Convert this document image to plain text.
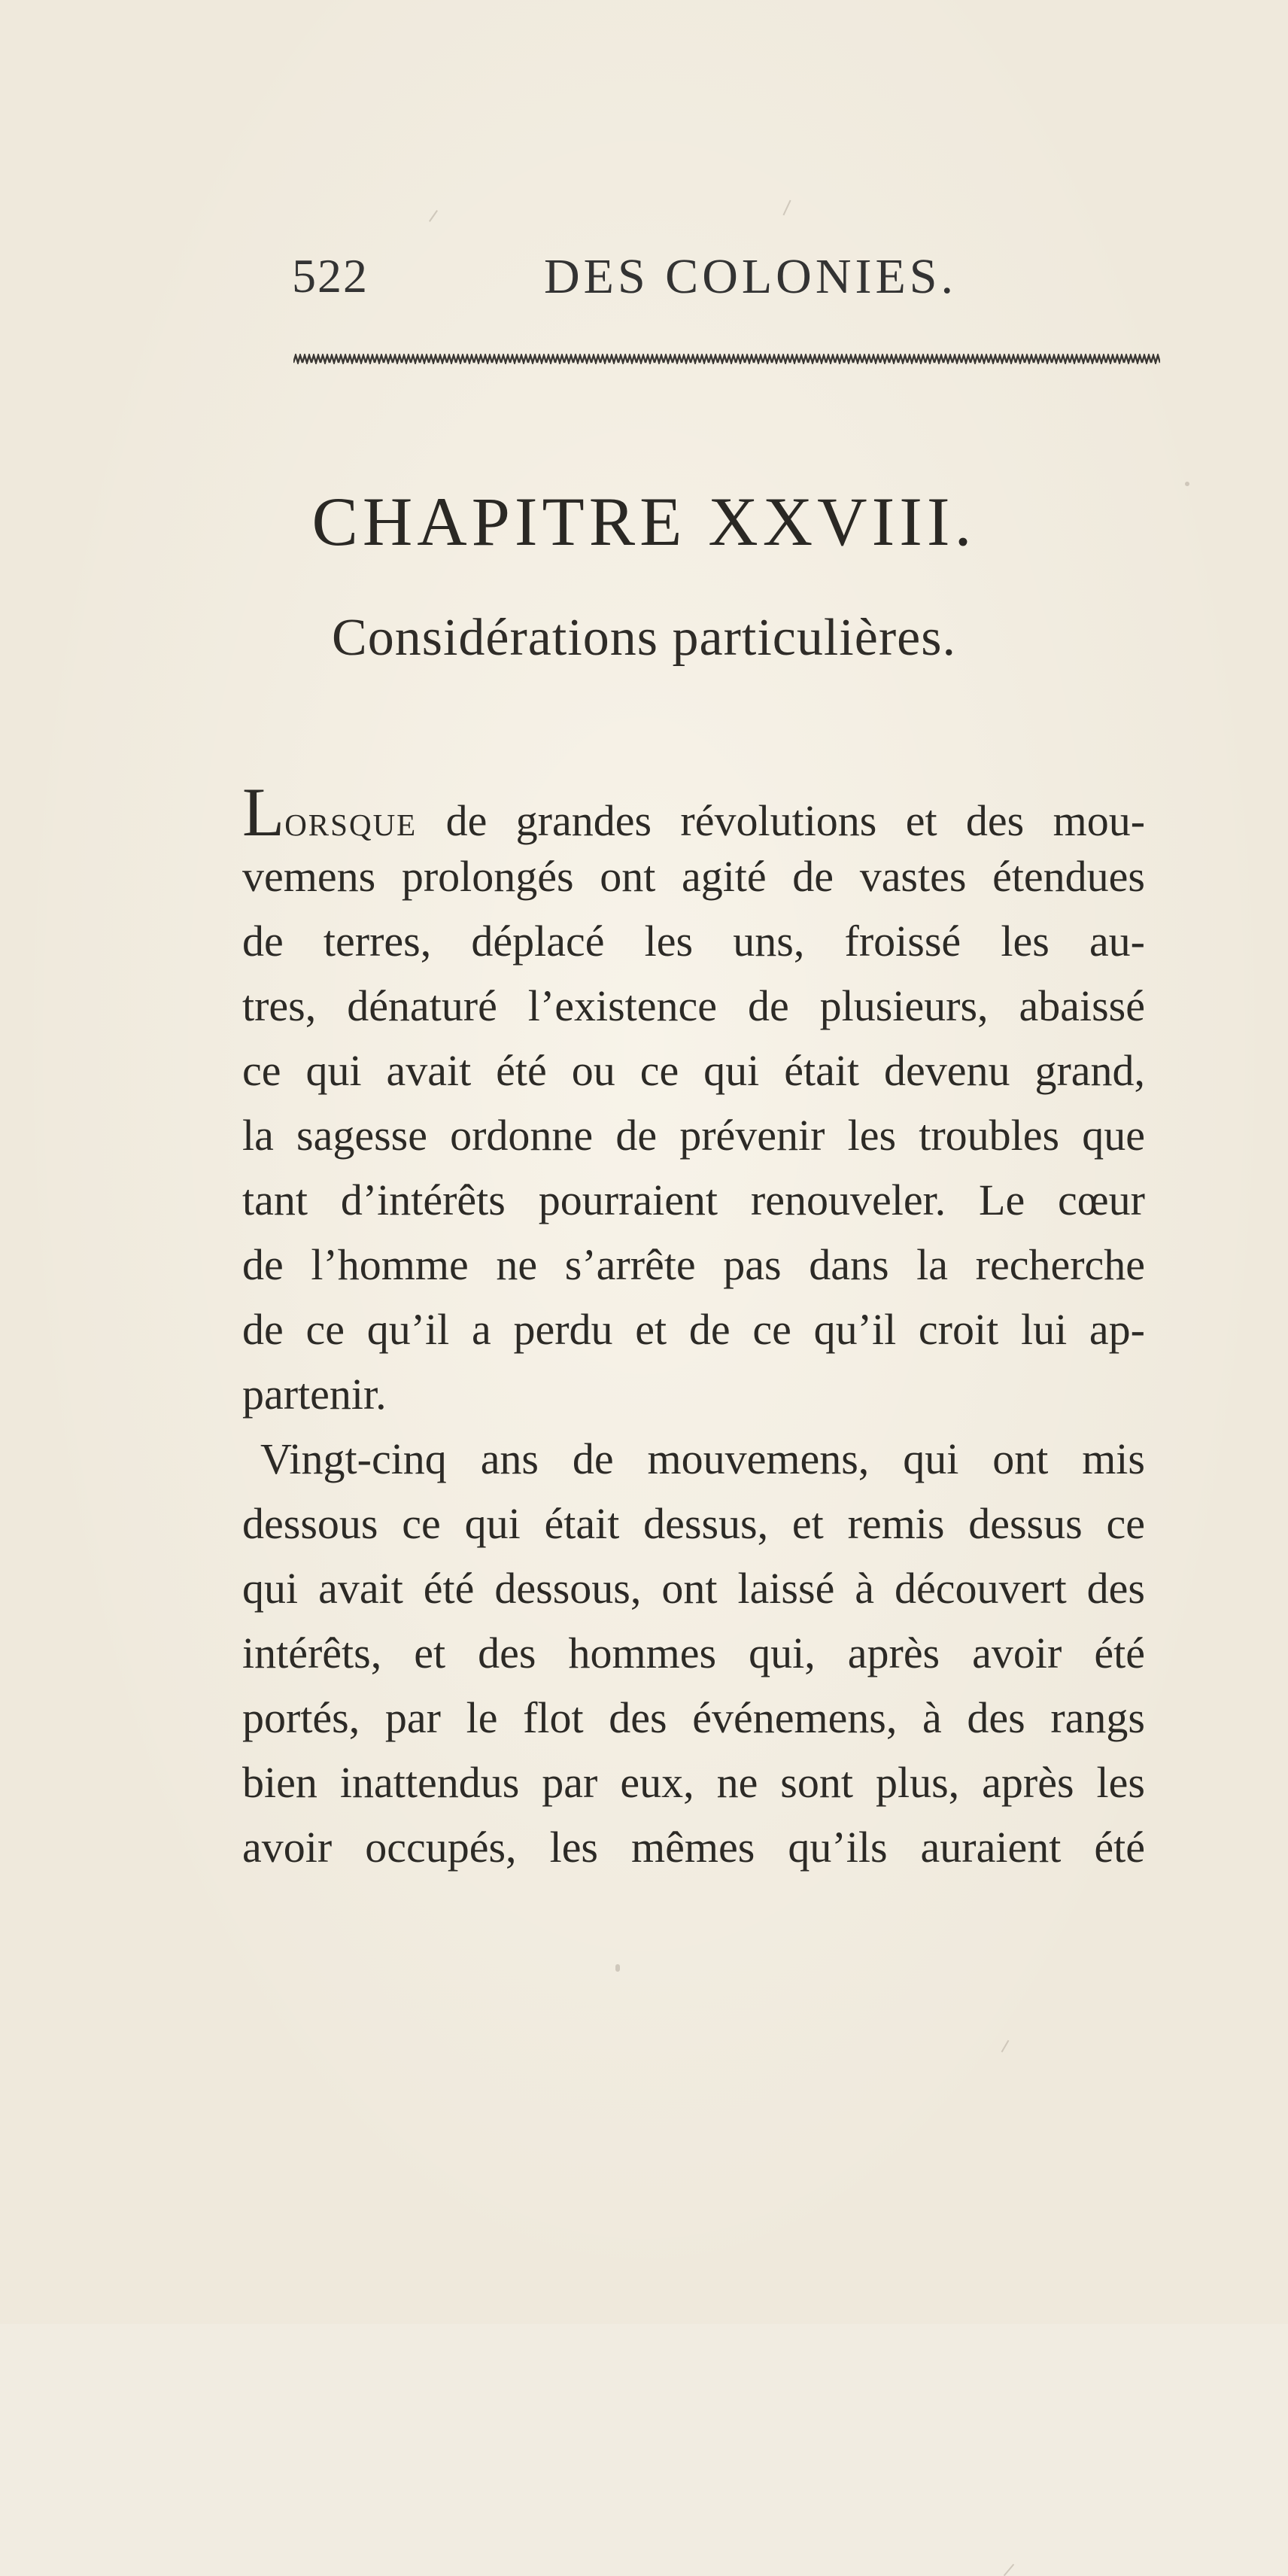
522	DES COLONIES.
CHAPITRE XXVIII.
Considérations particulières.
Lorsque de grandes révolutions et des mou-
vemens prolongés ont agité de vastes étendues
de terres, déplacé les uns, froissé les au-
tres, dénaturé l’existence de plusieurs, abaissé
ce qui avait été ou ce qui était devenu grand,
la sagesse ordonne de prévenir les troubles que
tant d’intérêts pourraient renouveler. Le cœur
de l’homme ne s’arrête pas dans la recherche
de ce qu’il a perdu et de ce qu’il croit lui ap-
partenir.
Vingt-cinq ans de mouvemens, qui ont mis
dessous ce qui était dessus, et remis dessus ce
qui avait été dessous, ont laissé à découvert des
intérêts, et des hommes qui, après avoir été
portés, par le flot des événemens, à des rangs
bien inattendus par eux, ne sont plus, après les
avoir occupés, les mêmes qu’ils auraient été
